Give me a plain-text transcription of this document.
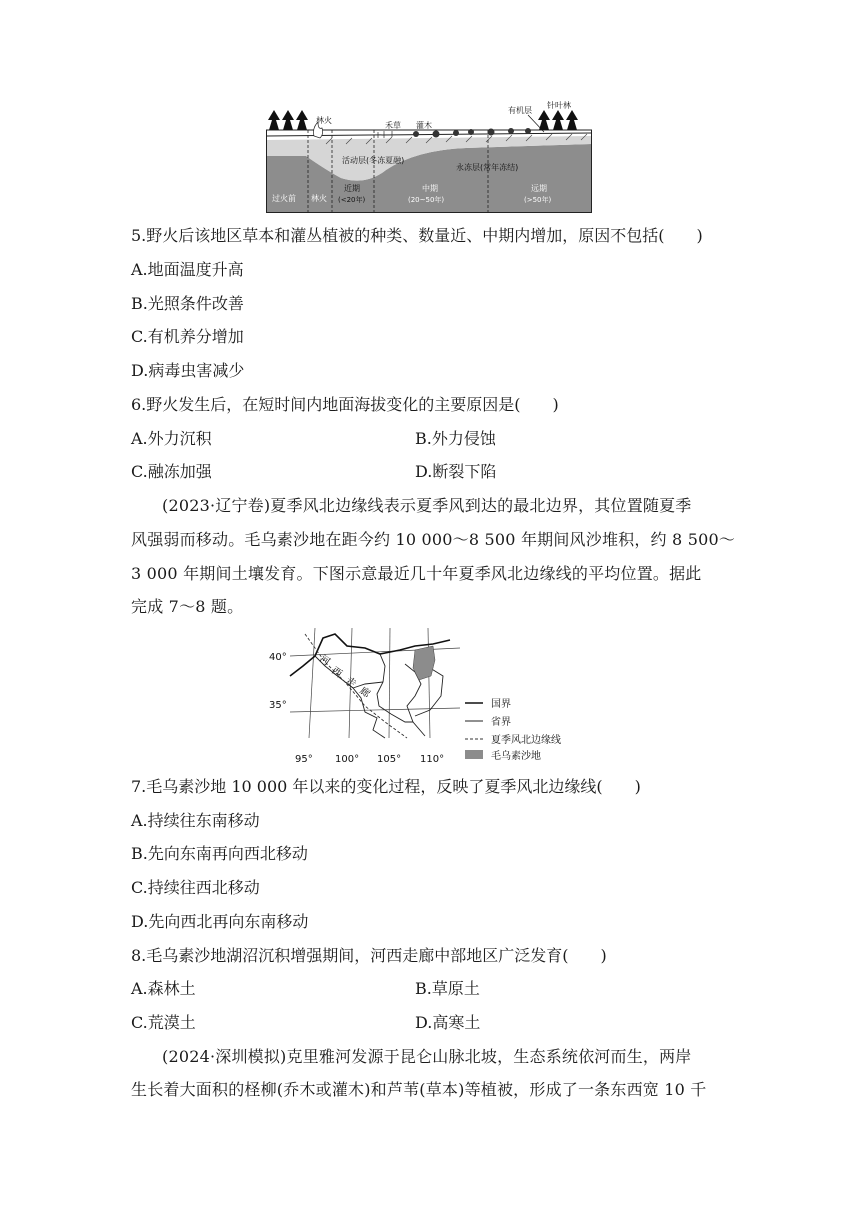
林火
禾草 灌木
有机层
针叶林
活动层(冬冻夏融)
永冻层(常年冻结)
过火前 林火
近期
(<20年)
中期
(20~50年)
远期
(>50年)
5.野火后该地区草本和灌丛植被的种类、数量近、中期内增加，原因不包括(　　)
A.地面温度升高
B.光照条件改善
C.有机养分增加
D.病毒虫害减少
6.野火发生后，在短时间内地面海拔变化的主要原因是(　　)
A.外力沉积	B.外力侵蚀
C.融冻加强	D.断裂下陷
(2023·辽宁卷)夏季风北边缘线表示夏季风到达的最北边界，其位置随夏季
风强弱而移动。毛乌素沙地在距今约 10 000～8 500 年期间风沙堆积，约 8 500～
3 000 年期间土壤发育。下图示意最近几十年夏季风北边缘线的平均位置。据此
完成 7～8 题。
河
西
走
廊
40°
35°
95° 100° 105° 110°
国界
省界
夏季风北边缘线
毛乌素沙地
7.毛乌素沙地 10 000 年以来的变化过程，反映了夏季风北边缘线(　　)
A.持续往东南移动
B.先向东南再向西北移动
C.持续往西北移动
D.先向西北再向东南移动
8.毛乌素沙地湖沼沉积增强期间，河西走廊中部地区广泛发育(　　)
A.森林土	B.草原土
C.荒漠土	D.高寒土
(2024·深圳模拟)克里雅河发源于昆仑山脉北坡，生态系统依河而生，两岸
生长着大面积的柽柳(乔木或灌木)和芦苇(草本)等植被，形成了一条东西宽 10 千
